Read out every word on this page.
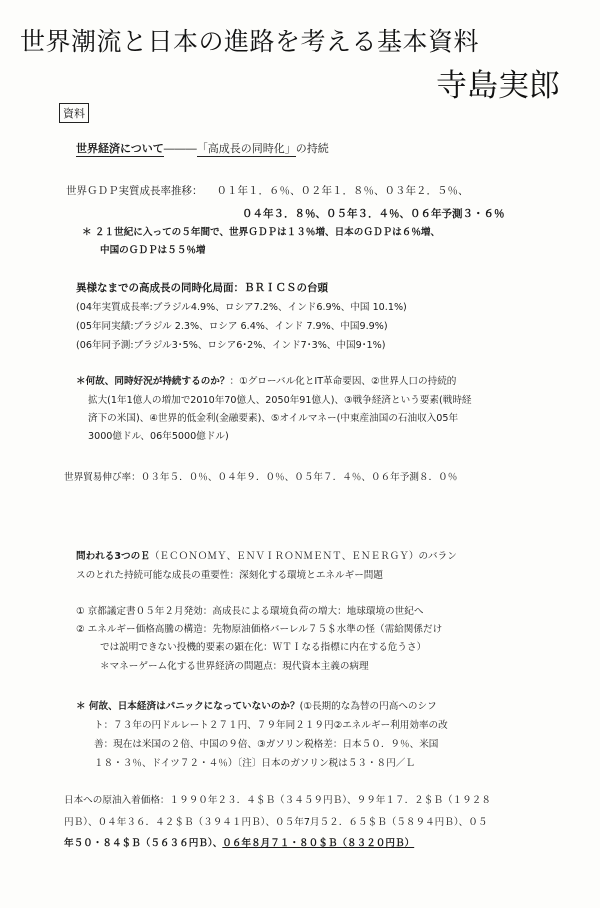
世界潮流と日本の進路を考える基本資料
寺島実郎
資料
世界経済について―――「高成長の同時化」の持続
世界ＧＤＰ実質成長率推移： ０１年１．６％、０２年１．８％、０３年２．５％、
０４年３．８％、０５年３．４％、０６年予測３・６％
＊ ２１世紀に入っての５年間で、世界ＧＤＰは１３％増、日本のＧＤＰは６％増、
中国のＧＤＰは５５％増
異様なまでの高成長の同時化局面：ＢＲＩＣＳの台頭
(04年実質成長率:ブラジル4.9%、ロシア7.2%、インド6.9%、中国 10.1%)
(05年同実績:ブラジル 2.3%、ロシア 6.4%、インド 7.9%、中国9.9%)
(06年同予測:ブラジル3･5%、ロシア6･2%、インド7･3%、中国9･1%)
＊何故、同時好況が持続するのか？：①グローバル化とIT革命要因、②世界人口の持続的
拡大(1年1億人の増加で2010年70億人、2050年91億人)、③戦争経済という要素(戦時経
済下の米国)、④世界的低金利(金融要素)、⑤オイルマネー(中東産油国の石油収入05年
3000億ドル、06年5000億ドル)
世界貿易伸び率：０３年５．０％、０４年９．０％、０５年７．４％、０６年予測８．０％
問われる3つのＥ（ＥＣＯＮＯＭＹ、ＥＮＶＩＲＯＮＭＥＮＴ、ＥＮＥＲＧＹ）のバラン
スのとれた持続可能な成長の重要性：深刻化する環境とエネルギー問題
① 京都議定書０５年２月発効：高成長による環境負荷の増大：地球環境の世紀へ
② エネルギー価格高騰の構造：先物原油価格バーレル７５＄水準の怪（需給関係だけ
では説明できない投機的要素の顕在化：ＷＴＩなる指標に内在する危うさ）
＊マネーゲーム化する世界経済の問題点：現代資本主義の病理
＊ 何故、日本経済はパニックになっていないのか？(①長期的な為替の円高へのシフ
ト：７３年の円ドルレート２７１円、７９年同２１９円②エネルギー利用効率の改
善：現在は米国の２倍、中国の９倍、③ガソリン税格差：日本５０．９％、米国
１８・３％、ドイツ７２・４％）〔注〕日本のガソリン税は５３・８円／Ｌ
日本への原油入着価格：１９９０年２３．４＄Ｂ（３４５９円Ｂ）、９９年１７．２＄Ｂ（１９２８
円Ｂ）、０４年３６．４２＄Ｂ（３９４１円Ｂ）、０５年7月５２．６５＄Ｂ（５８９４円Ｂ）、０５
年５０・８４＄Ｂ（５６３６円Ｂ）、０６年８月７１・８０＄Ｂ（８３２０円Ｂ）
